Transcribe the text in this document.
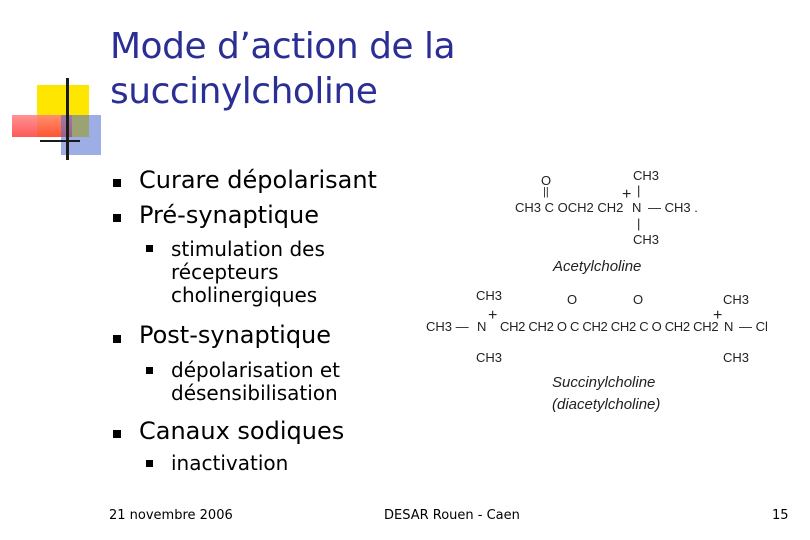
Mode d’action de la succinylcholine
Curare dépolarisant
Pré-synaptique
stimulation des récepteurs cholinergiques
Post-synaptique
dépolarisation et désensibilisation
Canaux sodiques
inactivation
O
||
CH3
|
+
CH3 C OCH2 CH2 N — CH3 .
|
CH3
Acetylcholine
CH3	O	O	CH3
+	+
CH3 — N CH2 CH2 O C CH2 CH2 C O CH2 CH2 N — Cl
CH3	CH3
Succinylcholine
(diacetylcholine)
21 novembre 2006	DESAR Rouen - Caen	15
